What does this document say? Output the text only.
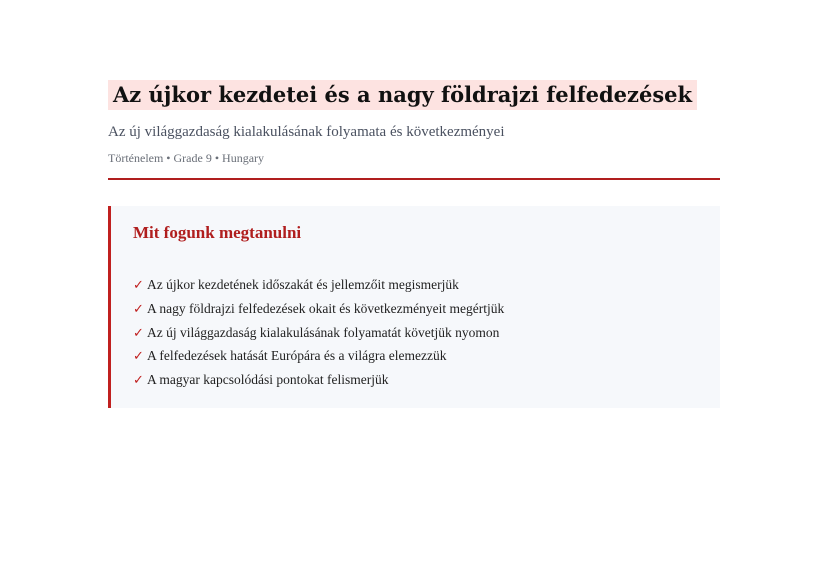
Az újkor kezdetei és a nagy földrajzi felfedezések
Az új világgazdaság kialakulásának folyamata és következményei
Történelem • Grade 9 • Hungary
Mit fogunk megtanulni
✓ Az újkor kezdetének időszakát és jellemzőit megismerjük
✓ A nagy földrajzi felfedezések okait és következményeit megértjük
✓ Az új világgazdaság kialakulásának folyamatát követjük nyomon
✓ A felfedezések hatását Európára és a világra elemezzük
✓ A magyar kapcsolódási pontokat felismerjük
